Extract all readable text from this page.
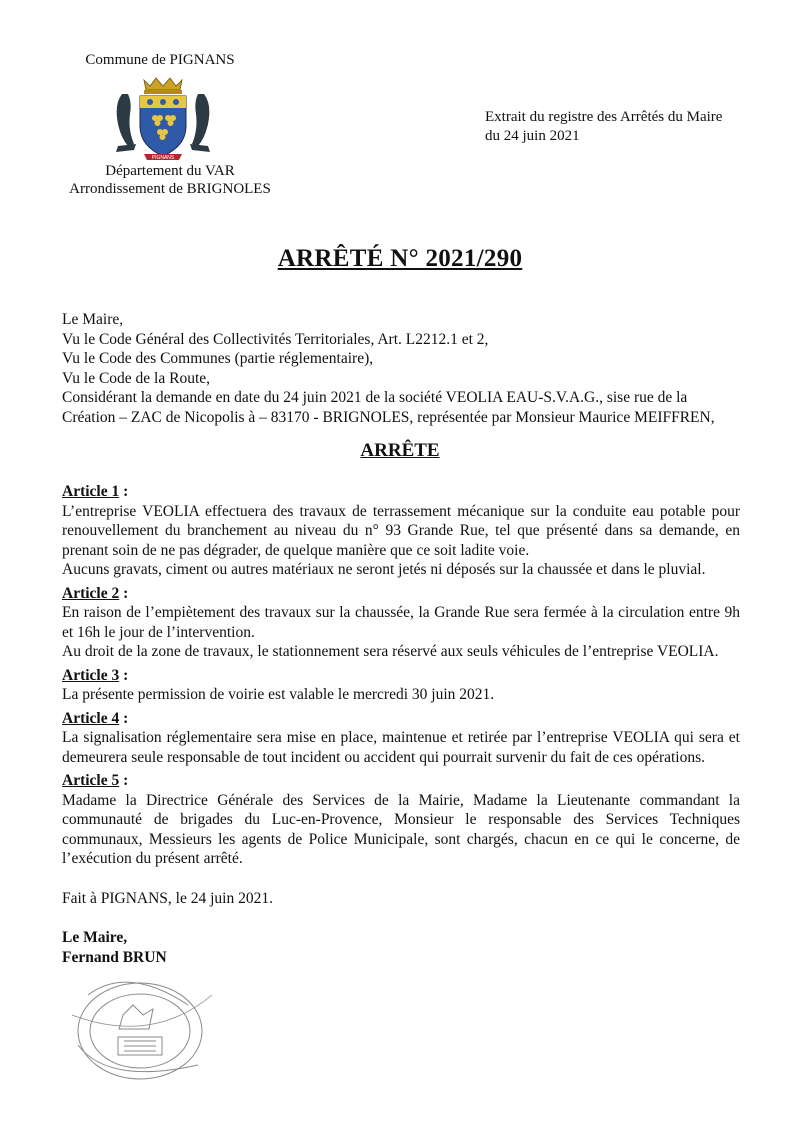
Commune de PIGNANS
PIGNANS
Département du VAR
Arrondissement de BRIGNOLES
Extrait du registre des Arrêtés du Maire
du 24 juin 2021
ARRÊTÉ N° 2021/290
Le Maire,
Vu le Code Général des Collectivités Territoriales, Art. L2212.1 et 2,
Vu le Code des Communes (partie réglementaire),
Vu le Code de la Route,
Considérant la demande en date du 24 juin 2021 de la société VEOLIA EAU-S.V.A.G., sise rue de la
Création – ZAC de Nicopolis à – 83170 - BRIGNOLES, représentée par Monsieur Maurice MEIFFREN,
ARRÊTE
Article 1 :
L’entreprise VEOLIA effectuera des travaux de terrassement mécanique sur la conduite eau potable pour renouvellement du branchement au niveau du n° 93 Grande Rue, tel que présenté dans sa demande, en prenant soin de ne pas dégrader, de quelque manière que ce soit ladite voie.
Aucuns gravats, ciment ou autres matériaux ne seront jetés ni déposés sur la chaussée et dans le pluvial.
Article 2 :
En raison de l’empiètement des travaux sur la chaussée, la Grande Rue sera fermée à la circulation entre 9h et 16h le jour de l’intervention.
Au droit de la zone de travaux, le stationnement sera réservé aux seuls véhicules de l’entreprise VEOLIA.
Article 3 :
La présente permission de voirie est valable le mercredi 30 juin 2021.
Article 4 :
La signalisation réglementaire sera mise en place, maintenue et retirée par l’entreprise VEOLIA qui sera et demeurera seule responsable de tout incident ou accident qui pourrait survenir du fait de ces opérations.
Article 5 :
Madame la Directrice Générale des Services de la Mairie, Madame la Lieutenante commandant la communauté de brigades du Luc-en-Provence, Monsieur le responsable des Services Techniques communaux, Messieurs les agents de Police Municipale, sont chargés, chacun en ce qui le concerne, de l’exécution du présent arrêté.
Fait à PIGNANS, le 24 juin 2021.
Le Maire,
Fernand BRUN
